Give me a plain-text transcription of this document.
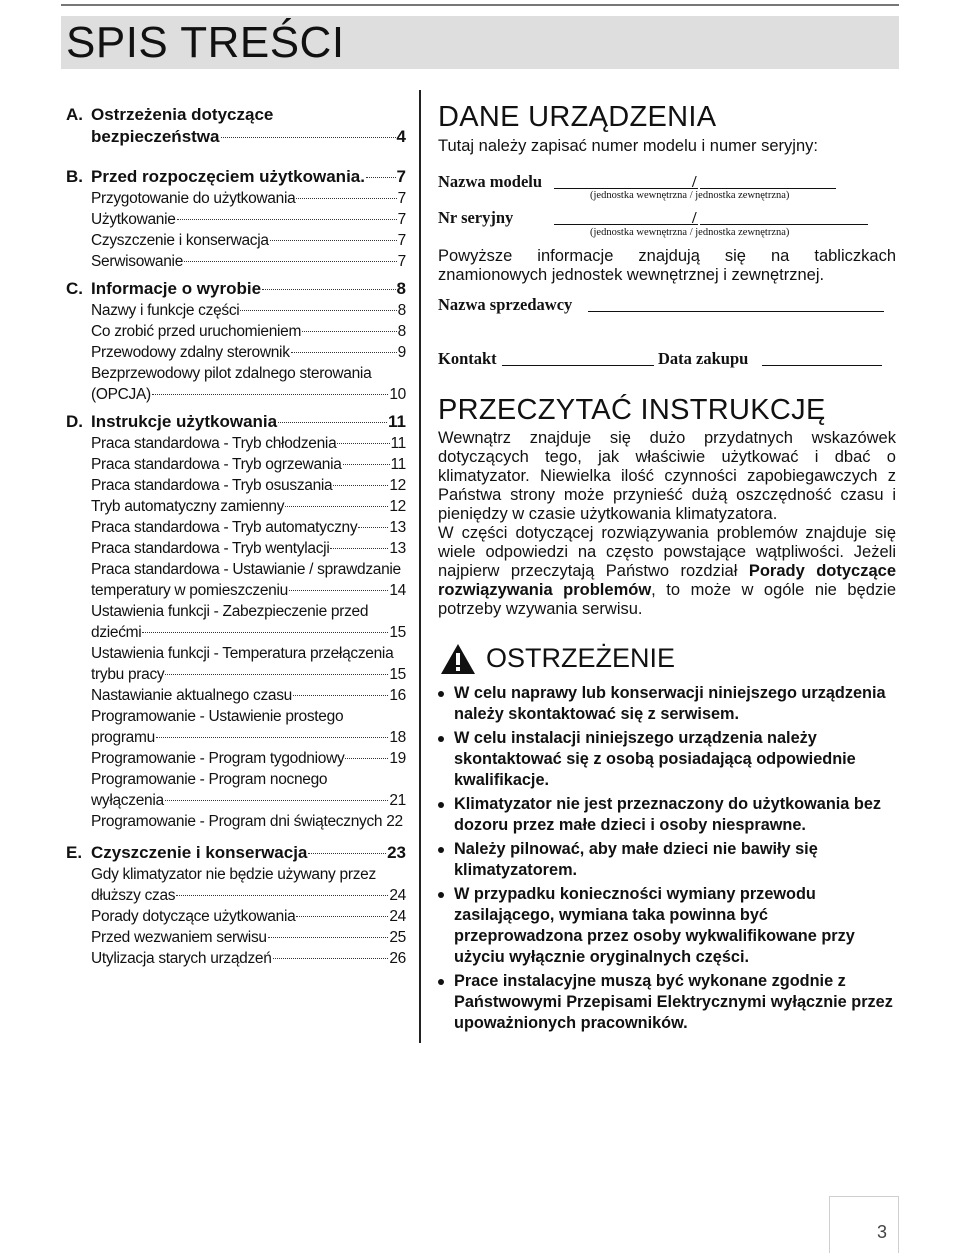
SPIS TREŚCI
A. Ostrzeżenia dotyczące
bezpieczeństwa	4
B. Przed rozpoczęciem użytkowania. 7
Przygotowanie do użytkowania	7
Użytkowanie	7
Czyszczenie i konserwacja	7
Serwisowanie	7
C. Informacje o wyrobie	8
Nazwy i funkcje części	8
Co zrobić przed uruchomieniem	8
Przewodowy zdalny sterownik	9
Bezprzewodowy pilot zdalnego sterowania
(OPCJA)	10
D. Instrukcje użytkowania	11
Praca standardowa - Tryb chłodzenia	11
Praca standardowa - Tryb ogrzewania	11
Praca standardowa - Tryb osuszania	12
Tryb automatyczny zamienny	12
Praca standardowa - Tryb automatyczny 13
Praca standardowa - Tryb wentylacji	13
Praca standardowa - Ustawianie / sprawdzanie
temperatury w pomieszczeniu	14
Ustawienia funkcji - Zabezpieczenie przed
dziećmi	15
Ustawienia funkcji - Temperatura przełączenia
trybu pracy	15
Nastawianie aktualnego czasu	16
Programowanie - Ustawienie prostego
programu	18
Programowanie - Program tygodniowy	19
Programowanie - Program nocnego
wyłączenia	21
Programowanie - Program dni świątecznych 22
E. Czyszczenie i konserwacja	23
Gdy klimatyzator nie będzie używany przez
dłuższy czas	24
Porady dotyczące użytkowania	24
Przed wezwaniem serwisu	25
Utylizacja starych urządzeń	26
DANE URZĄDZENIA

Tutaj należy zapisać numer modelu i numer seryjny:

Nazwa modelu	/
(jednostka wewnętrzna / jednostka zewnętrzna)
Nr seryjny	/
(jednostka wewnętrzna / jednostka zewnętrzna)

Powyższe informacje znajdują się na tabliczkach znamionowych jednostek wewnętrznej i zewnętrznej.

Nazwa sprzedawcy
Kontakt	Data zakupu
PRZECZYTAĆ INSTRUKCJĘ

Wewnątrz znajduje się dużo przydatnych wskazówek dotyczących tego, jak właściwie użytkować i dbać o klimatyzator. Niewielka ilość czynności zapobiegawczych z Państwa strony może przynieść dużą oszczędność czasu i pieniędzy w czasie użytkowania klimatyzatora.

W części dotyczącej rozwiązywania problemów znajduje się wiele odpowiedzi na często powstające wątpliwości. Jeżeli najpierw przeczytają Państwo rozdział Porady dotyczące rozwiązywania problemów, to może w ogóle nie będzie potrzeby wzywania serwisu.

OSTRZEŻENIE
W celu naprawy lub konserwacji niniejszego urządzenia należy skontaktować się z serwisem.
W celu instalacji niniejszego urządzenia należy skontaktować się z osobą posiadającą odpowiednie kwalifikacje.
Klimatyzator nie jest przeznaczony do użytkowania bez dozoru przez małe dzieci i osoby niesprawne.
Należy pilnować, aby małe dzieci nie bawiły się klimatyzatorem.
W przypadku konieczności wymiany przewodu zasilającego, wymiana taka powinna być przeprowadzona przez osoby wykwalifikowane przy użyciu wyłącznie oryginalnych części.
Prace instalacyjne muszą być wykonane zgodnie z Państwowymi Przepisami Elektrycznymi wyłącznie przez upoważnionych pracowników.
3
